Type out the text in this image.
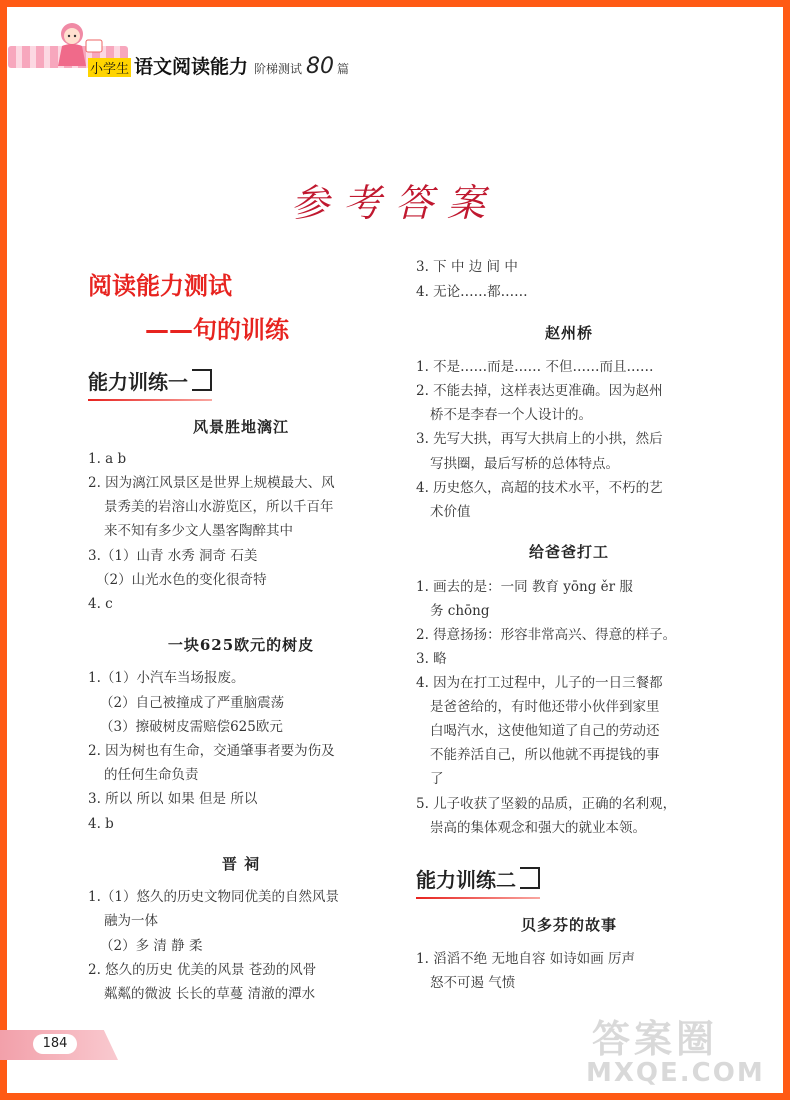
小学生 语文阅读能力 阶梯测试 80 篇
参考答案
阅读能力测试
——句的训练
能力训练一
风景胜地漓江
1. a b
2. 因为漓江风景区是世界上规模最大、风
景秀美的岩溶山水游览区，所以千百年
来不知有多少文人墨客陶醉其中
3.（1）山青 水秀 洞奇 石美
（2）山光水色的变化很奇特
4. c
一块625欧元的树皮
1.（1）小汽车当场报废。
（2）自己被撞成了严重脑震荡
（3）擦破树皮需赔偿625欧元
2. 因为树也有生命，交通肇事者要为伤及
的任何生命负责
3. 所以 所以 如果 但是 所以
4. b
晋 祠
1.（1）悠久的历史文物同优美的自然风景
融为一体
（2）多 清 静 柔
2. 悠久的历史 优美的风景 苍劲的风骨
粼粼的微波 长长的草蔓 清澈的潭水
3. 下 中 边 间 中
4. 无论……都……
赵州桥
1. 不是……而是…… 不但……而且……
2. 不能去掉，这样表达更准确。因为赵州
桥不是李春一个人设计的。
3. 先写大拱，再写大拱肩上的小拱，然后
写拱圈，最后写桥的总体特点。
4. 历史悠久，高超的技术水平，不朽的艺
术价值
给爸爸打工
1. 画去的是：一同 教育 yōng ěr 服
务 chōng
2. 得意扬扬：形容非常高兴、得意的样子。
3. 略
4. 因为在打工过程中，儿子的一日三餐都
是爸爸给的，有时他还带小伙伴到家里
白喝汽水，这使他知道了自己的劳动还
不能养活自己，所以他就不再提钱的事
了
5. 儿子收获了坚毅的品质，正确的名利观，
崇高的集体观念和强大的就业本领。
能力训练二
贝多芬的故事
1. 滔滔不绝 无地自容 如诗如画 厉声
怒不可遏 气愤
184	答案圈
MXQE.COM
